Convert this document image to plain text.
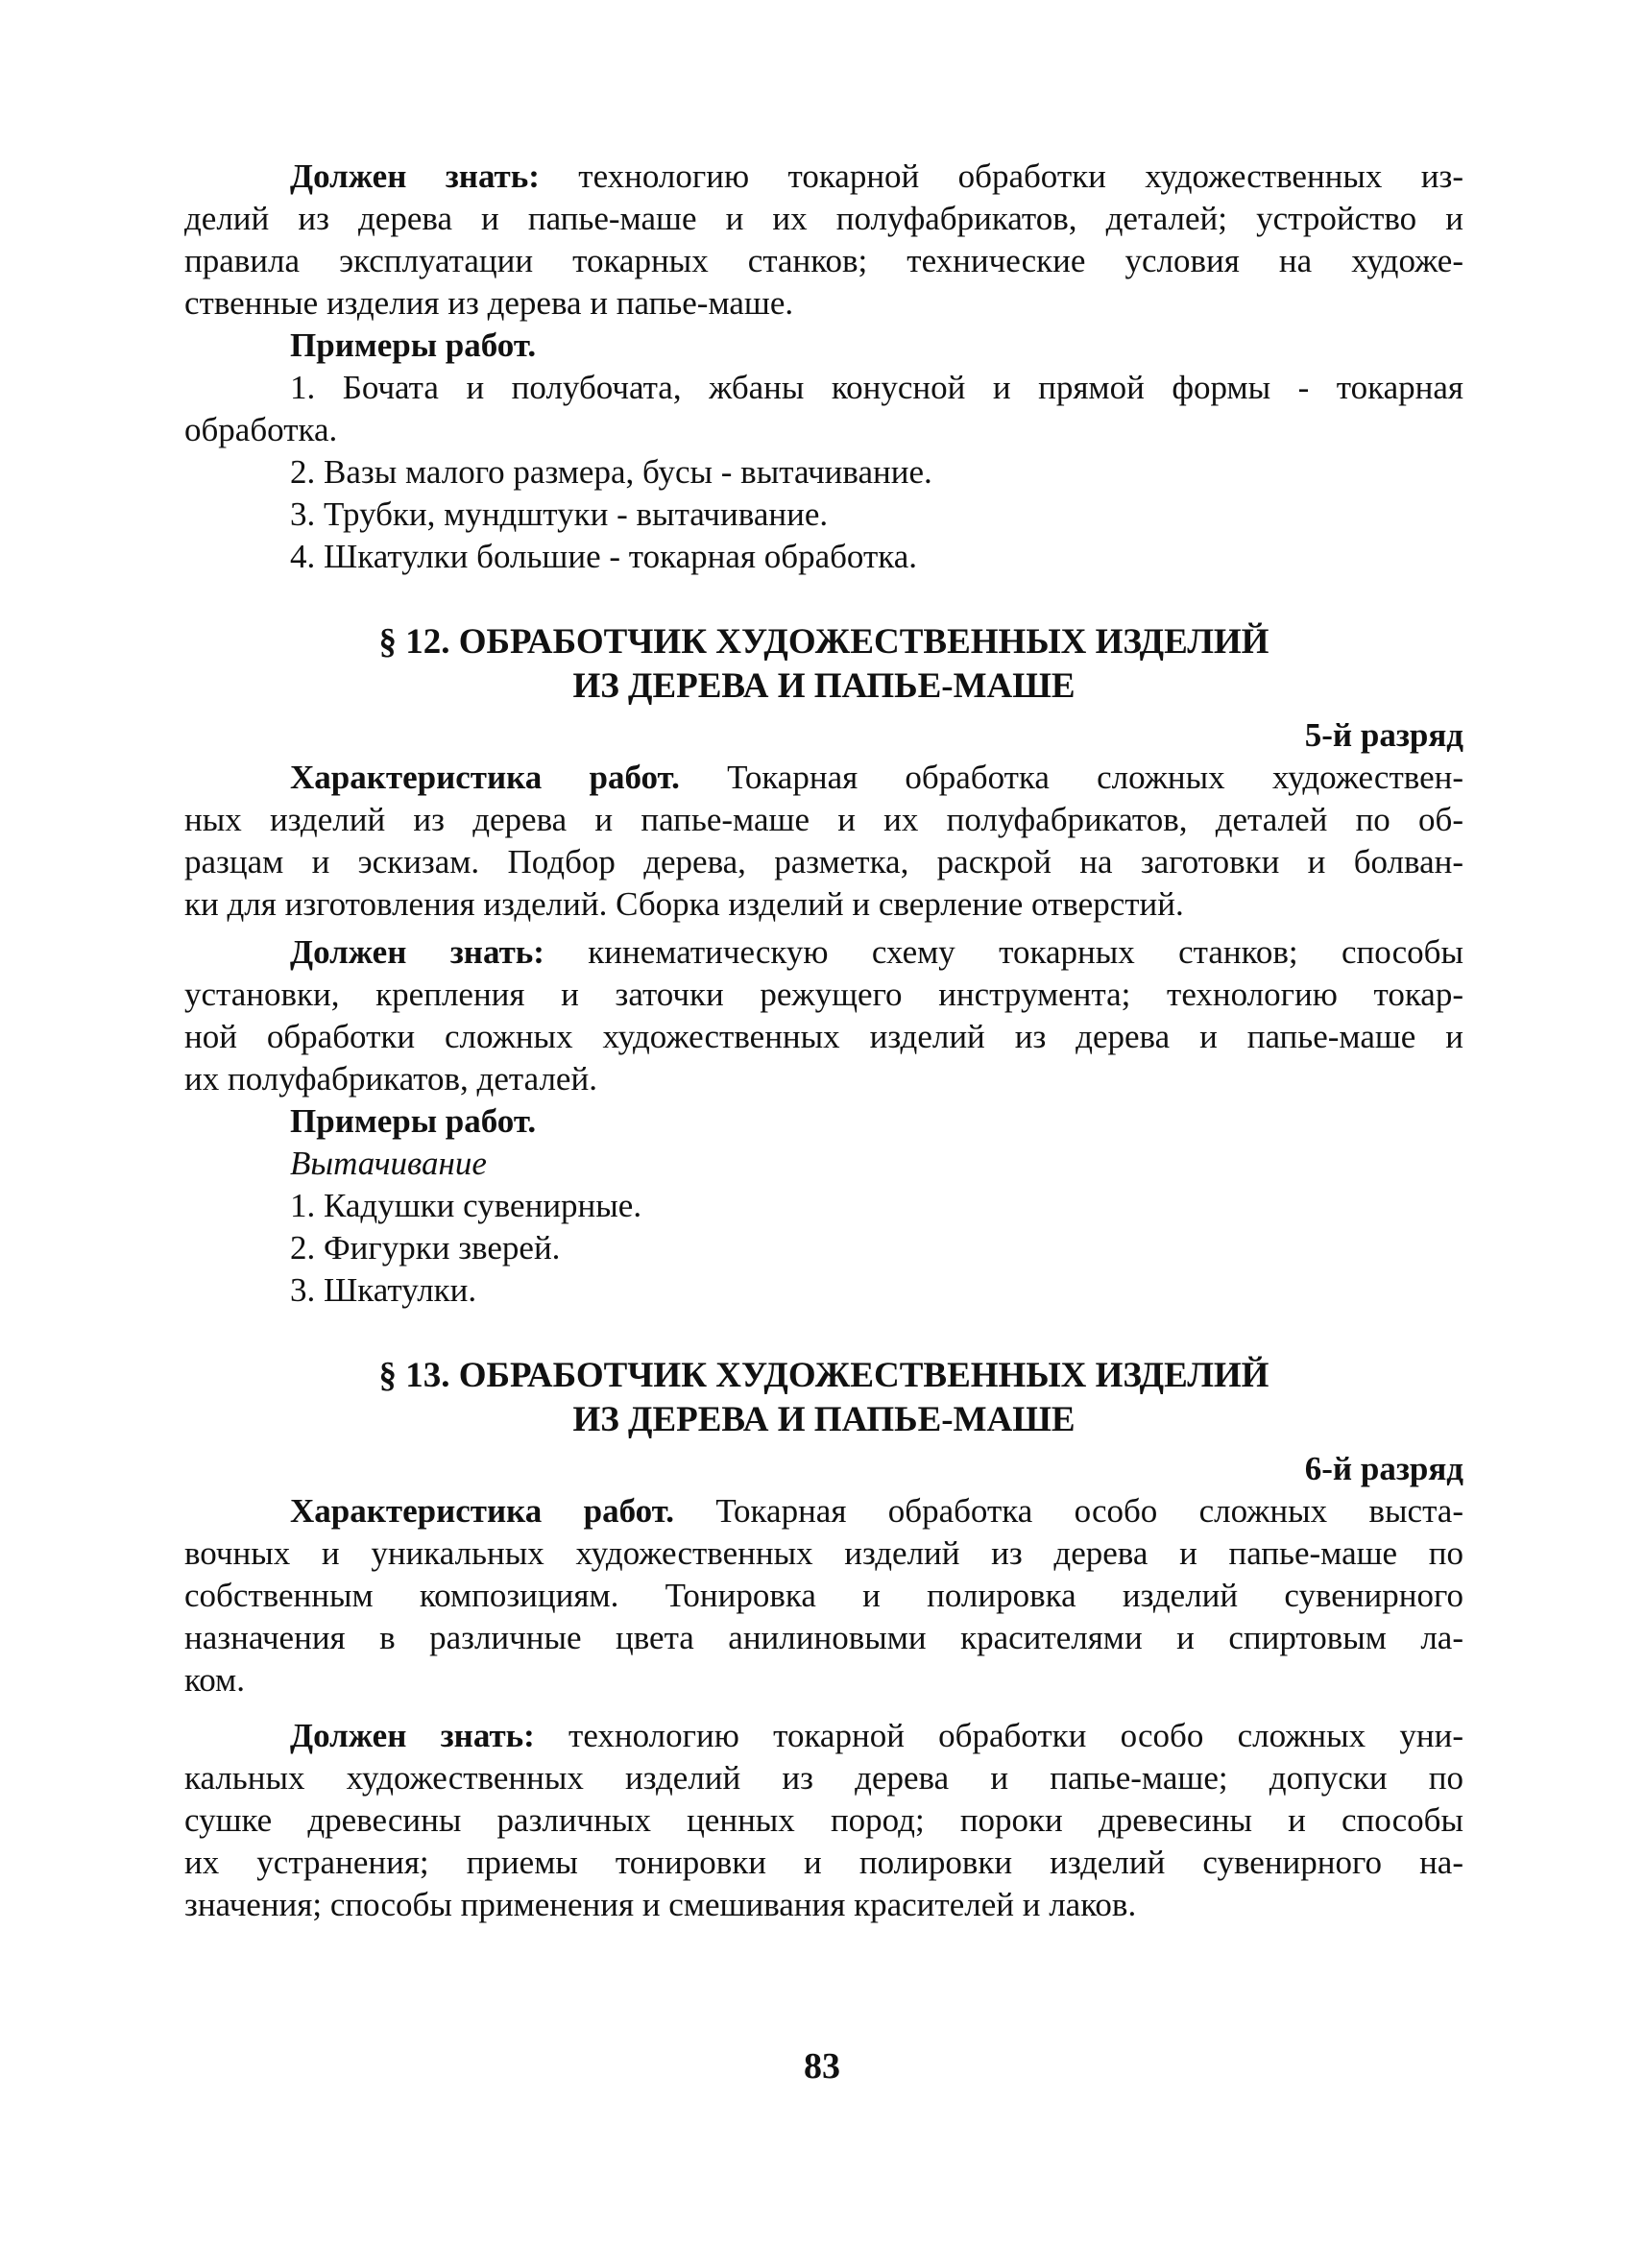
Должен знать: технологию токарной обработки художественных из-
делий из дерева и папье-маше и их полуфабрикатов, деталей; устройство и
правила эксплуатации токарных станков; технические условия на художе-
ственные изделия из дерева и папье-маше.
Примеры работ.
1. Бочата и полубочата, жбаны конусной и прямой формы - токарная
обработка.
2. Вазы малого размера, бусы - вытачивание.
3. Трубки, мундштуки - вытачивание.
4. Шкатулки большие - токарная обработка.
§ 12. ОБРАБОТЧИК ХУДОЖЕСТВЕННЫХ ИЗДЕЛИЙ
ИЗ ДЕРЕВА И ПАПЬЕ-МАШЕ
5-й разряд
Характеристика работ. Токарная обработка сложных художествен-
ных изделий из дерева и папье-маше и их полуфабрикатов, деталей по об-
разцам и эскизам. Подбор дерева, разметка, раскрой на заготовки и болван-
ки для изготовления изделий. Сборка изделий и сверление отверстий.
Должен знать: кинематическую схему токарных станков; способы
установки, крепления и заточки режущего инструмента; технологию токар-
ной обработки сложных художественных изделий из дерева и папье-маше и
их полуфабрикатов, деталей.
Примеры работ.
Вытачивание
1. Кадушки сувенирные.
2. Фигурки зверей.
3. Шкатулки.
§ 13. ОБРАБОТЧИК ХУДОЖЕСТВЕННЫХ ИЗДЕЛИЙ
ИЗ ДЕРЕВА И ПАПЬЕ-МАШЕ
6-й разряд
Характеристика работ. Токарная обработка особо сложных выста-
вочных и уникальных художественных изделий из дерева и папье-маше по
собственным композициям. Тонировка и полировка изделий сувенирного
назначения в различные цвета анилиновыми красителями и спиртовым ла-
ком.
Должен знать: технологию токарной обработки особо сложных уни-
кальных художественных изделий из дерева и папье-маше; допуски по
сушке древесины различных ценных пород; пороки древесины и способы
их устранения; приемы тонировки и полировки изделий сувенирного на-
значения; способы применения и смешивания красителей и лаков.
83
